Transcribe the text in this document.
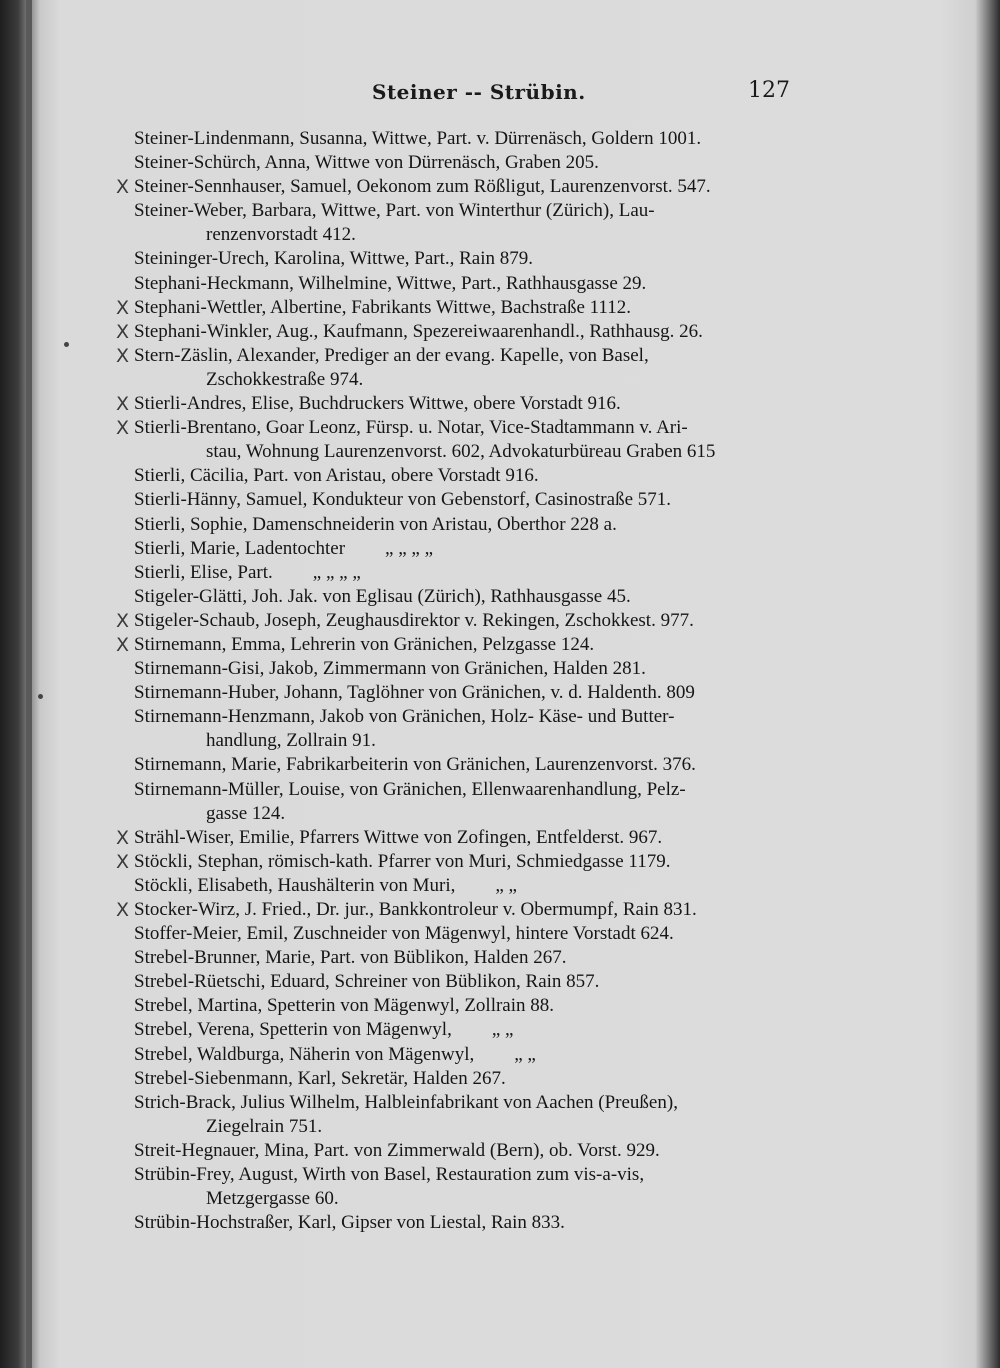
Steiner -- Strübin.	127
Steiner-Lindenmann, Susanna, Wittwe, Part. v. Dürrenäsch, Goldern 1001.
Steiner-Schürch, Anna, Wittwe von Dürrenäsch, Graben 205.
X Steiner-Sennhauser, Samuel, Oekonom zum Rößligut, Laurenzenvorst. 547.
Steiner-Weber, Barbara, Wittwe, Part. von Winterthur (Zürich), Lau-
renzenvorstadt 412.
Steininger-Urech, Karolina, Wittwe, Part., Rain 879.
Stephani-Heckmann, Wilhelmine, Wittwe, Part., Rathhausgasse 29.
X Stephani-Wettler, Albertine, Fabrikants Wittwe, Bachstraße 1112.
X Stephani-Winkler, Aug., Kaufmann, Spezereiwaarenhandl., Rathhausg. 26.
X Stern-Zäslin, Alexander, Prediger an der evang. Kapelle, von Basel,
Zschokkestraße 974.
X Stierli-Andres, Elise, Buchdruckers Wittwe, obere Vorstadt 916.
X Stierli-Brentano, Goar Leonz, Fürsp. u. Notar, Vice-Stadtammann v. Ari-
stau, Wohnung Laurenzenvorst. 602, Advokaturbüreau Graben 615
Stierli, Cäcilia, Part. von Aristau, obere Vorstadt 916.
Stierli-Hänny, Samuel, Kondukteur von Gebenstorf, Casinostraße 571.
Stierli, Sophie, Damenschneiderin von Aristau, Oberthor 228 a.
Stierli, Marie, Ladentochter „ „ „ „
Stierli, Elise, Part. „ „ „ „
Stigeler-Glätti, Joh. Jak. von Eglisau (Zürich), Rathhausgasse 45.
X Stigeler-Schaub, Joseph, Zeughausdirektor v. Rekingen, Zschokkest. 977.
X Stirnemann, Emma, Lehrerin von Gränichen, Pelzgasse 124.
Stirnemann-Gisi, Jakob, Zimmermann von Gränichen, Halden 281.
Stirnemann-Huber, Johann, Taglöhner von Gränichen, v. d. Haldenth. 809
Stirnemann-Henzmann, Jakob von Gränichen, Holz- Käse- und Butter-
handlung, Zollrain 91.
Stirnemann, Marie, Fabrikarbeiterin von Gränichen, Laurenzenvorst. 376.
Stirnemann-Müller, Louise, von Gränichen, Ellenwaarenhandlung, Pelz-
gasse 124.
X Strähl-Wiser, Emilie, Pfarrers Wittwe von Zofingen, Entfelderst. 967.
X Stöckli, Stephan, römisch-kath. Pfarrer von Muri, Schmiedgasse 1179.
Stöckli, Elisabeth, Haushälterin von Muri, „ „
X Stocker-Wirz, J. Fried., Dr. jur., Bankkontroleur v. Obermumpf, Rain 831.
Stoffer-Meier, Emil, Zuschneider von Mägenwyl, hintere Vorstadt 624.
Strebel-Brunner, Marie, Part. von Büblikon, Halden 267.
Strebel-Rüetschi, Eduard, Schreiner von Büblikon, Rain 857.
Strebel, Martina, Spetterin von Mägenwyl, Zollrain 88.
Strebel, Verena, Spetterin von Mägenwyl, „ „
Strebel, Waldburga, Näherin von Mägenwyl, „ „
Strebel-Siebenmann, Karl, Sekretär, Halden 267.
Strich-Brack, Julius Wilhelm, Halbleinfabrikant von Aachen (Preußen),
Ziegelrain 751.
Streit-Hegnauer, Mina, Part. von Zimmerwald (Bern), ob. Vorst. 929.
Strübin-Frey, August, Wirth von Basel, Restauration zum vis-a-vis,
Metzgergasse 60.
Strübin-Hochstraßer, Karl, Gipser von Liestal, Rain 833.
